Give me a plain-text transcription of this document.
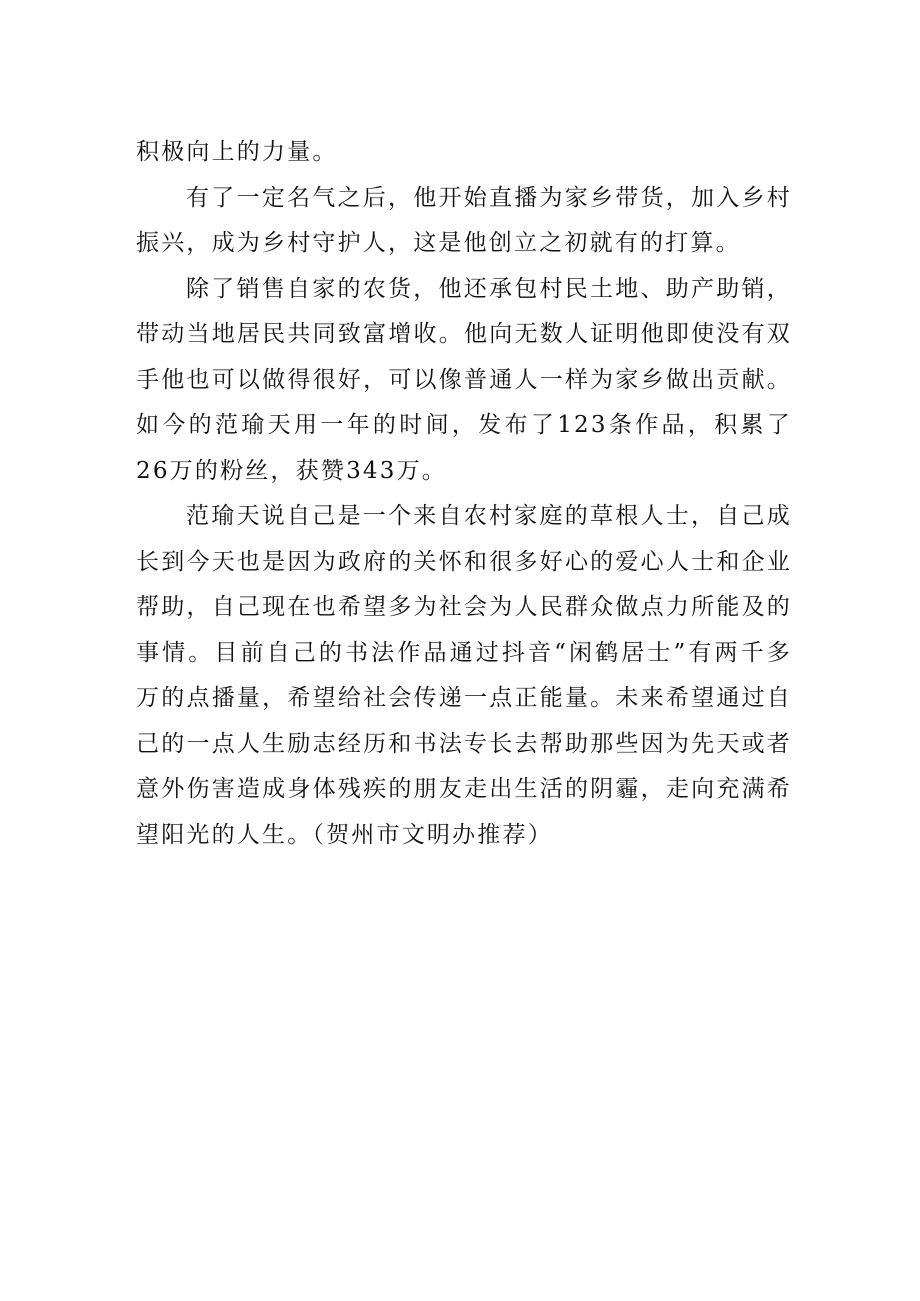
积极向上的力量。

有了一定名气之后，他开始直播为家乡带货，加入乡村振兴，成为乡村守护人，这是他创立之初就有的打算。

除了销售自家的农货，他还承包村民土地、助产助销，带动当地居民共同致富增收。他向无数人证明他即使没有双手他也可以做得很好，可以像普通人一样为家乡做出贡献。如今的范瑜天用一年的时间，发布了123条作品，积累了26万的粉丝，获赞343万。

范瑜天说自己是一个来自农村家庭的草根人士，自己成长到今天也是因为政府的关怀和很多好心的爱心人士和企业帮助，自己现在也希望多为社会为人民群众做点力所能及的事情。目前自己的书法作品通过抖音“闲鹤居士”有两千多万的点播量，希望给社会传递一点正能量。未来希望通过自己的一点人生励志经历和书法专长去帮助那些因为先天或者意外伤害造成身体残疾的朋友走出生活的阴霾，走向充满希望阳光的人生。（贺州市文明办推荐）
